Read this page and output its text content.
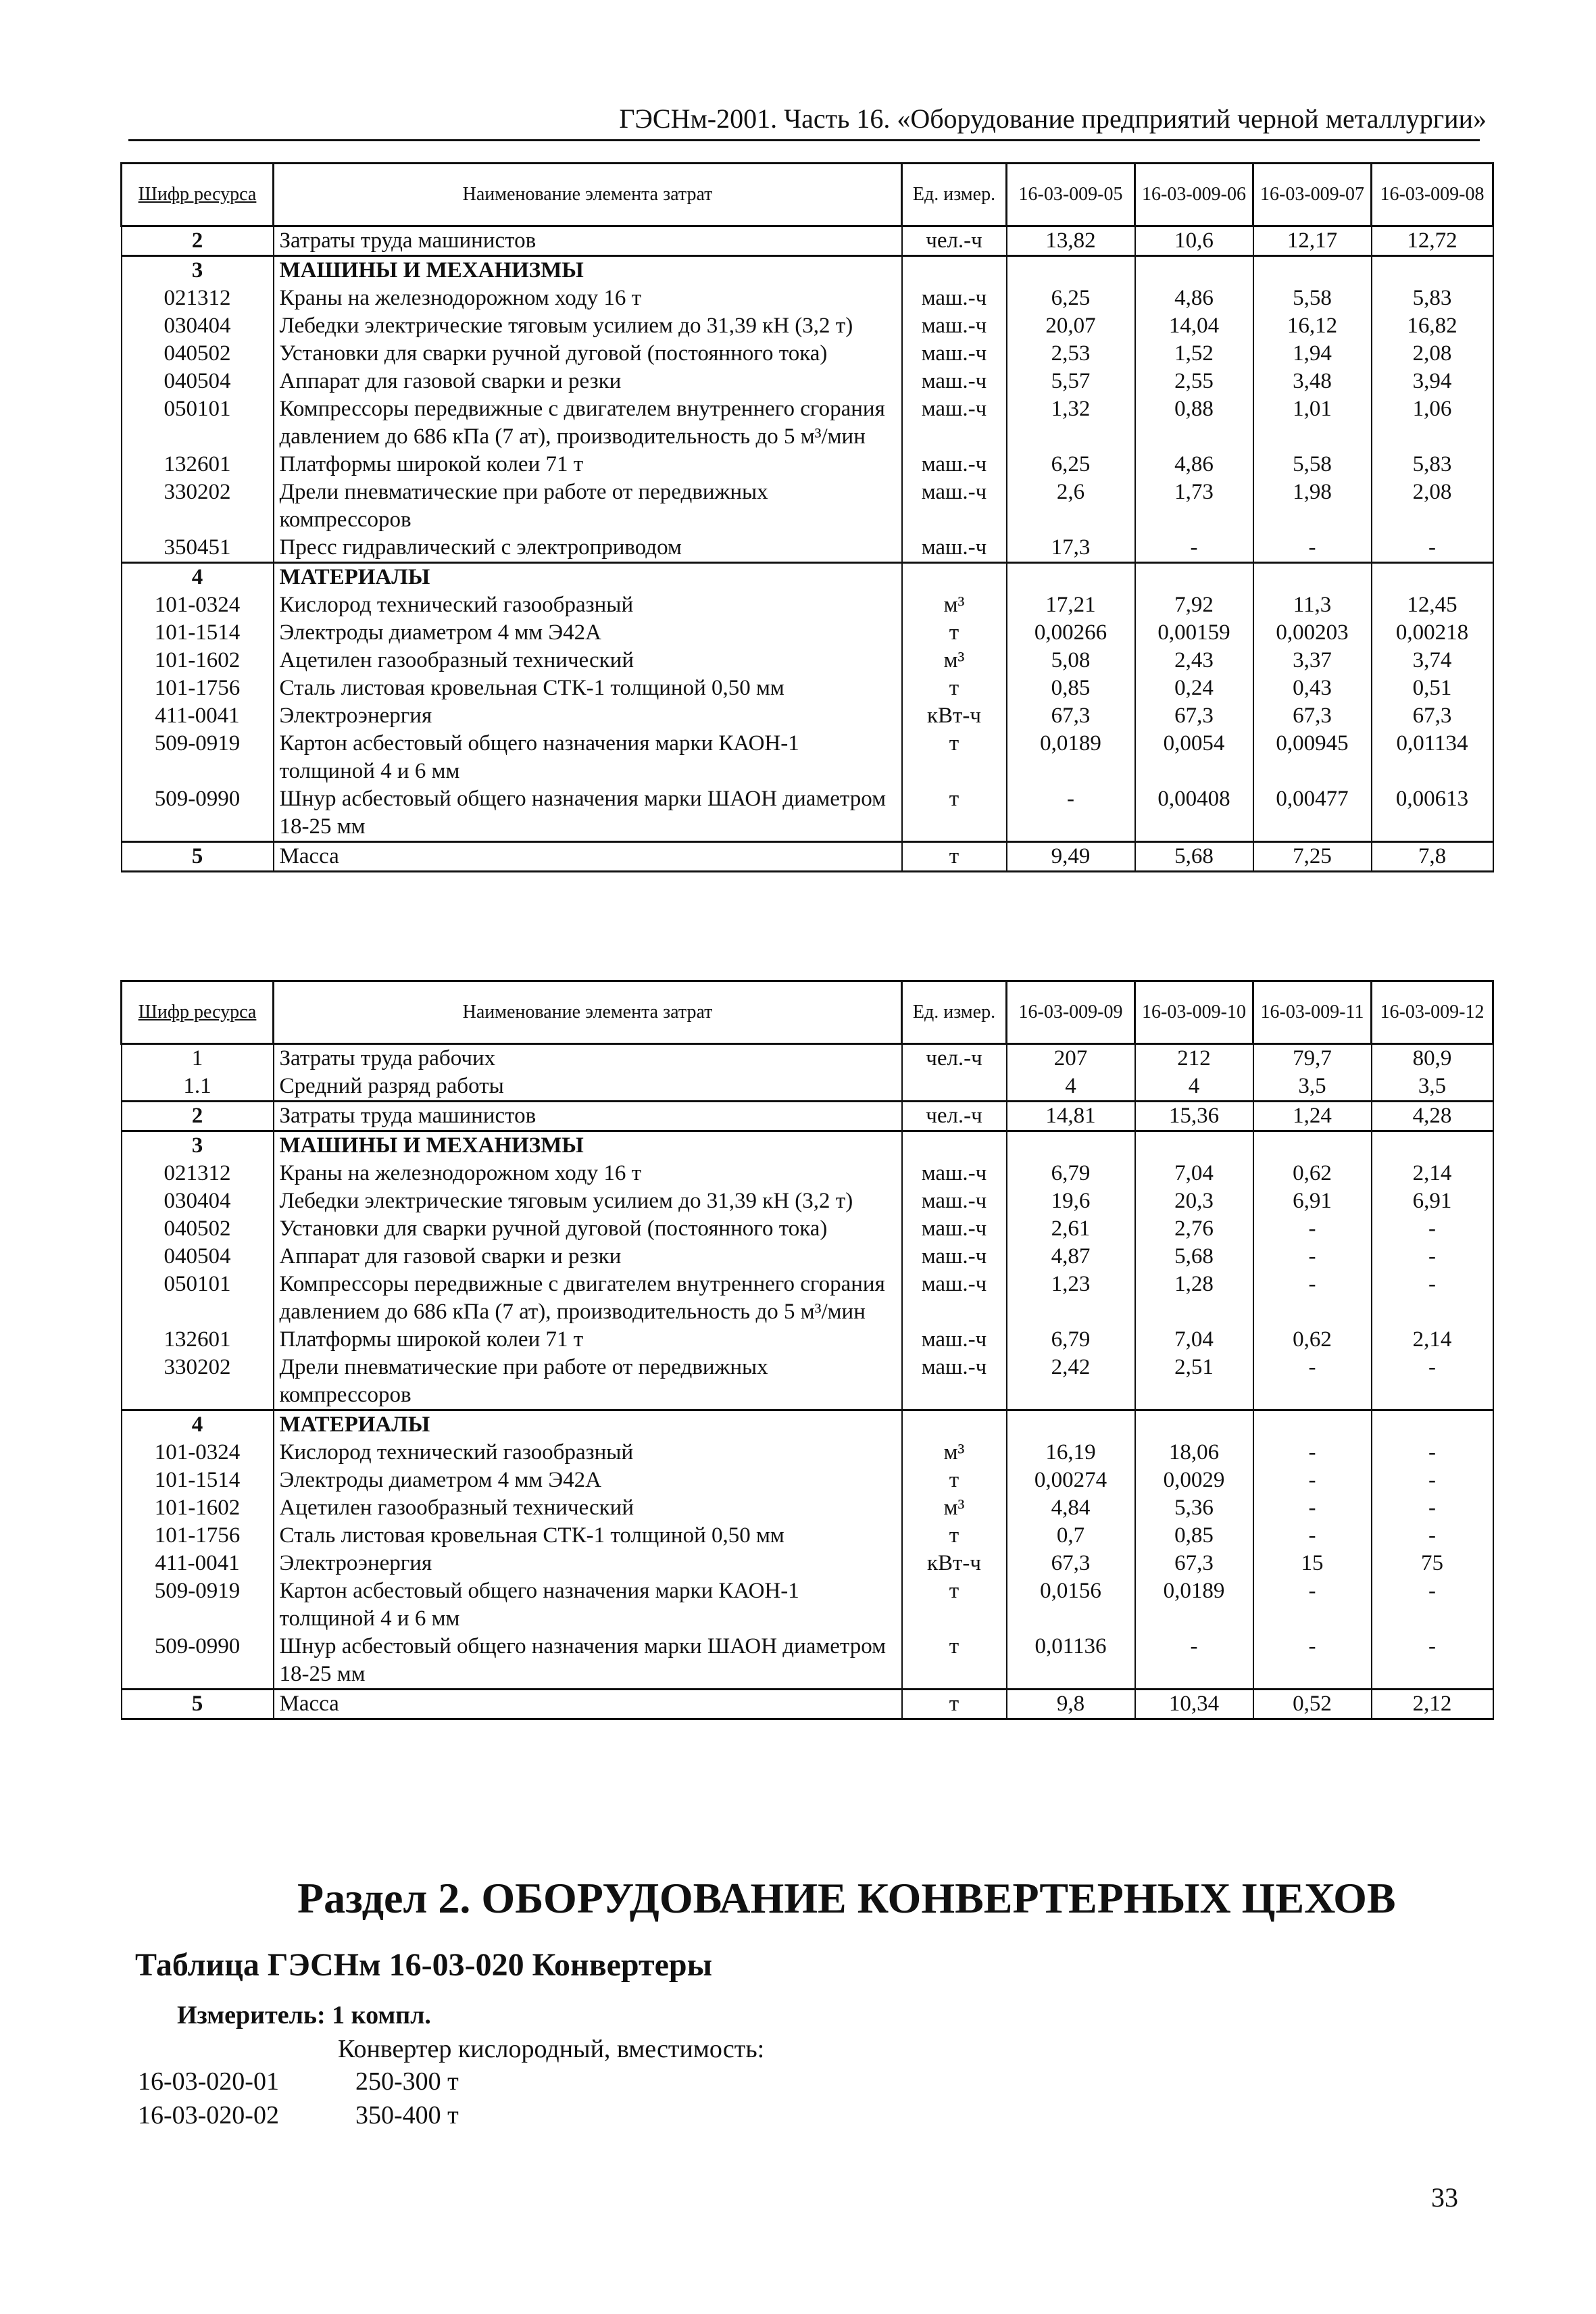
ГЭСНм-2001. Часть 16. «Оборудование предприятий черной металлургии»
Шифр ресурса	Наименование элемента затрат	Ед. измер.	16-03-009-05	16-03-009-06	16-03-009-07	16-03-009-08
2	Затраты труда машинистов	чел.-ч	13,82	10,6	12,17	12,72
3	МАШИНЫ И МЕХАНИЗМЫ					
021312	Краны на железнодорожном ходу 16 т	маш.-ч	6,25	4,86	5,58	5,83
030404	Лебедки электрические тяговым усилием до 31,39 кН (3,2 т)	маш.-ч	20,07	14,04	16,12	16,82
040502	Установки для сварки ручной дуговой (постоянного тока)	маш.-ч	2,53	1,52	1,94	2,08
040504	Аппарат для газовой сварки и резки	маш.-ч	5,57	2,55	3,48	3,94
050101	Компрессоры передвижные с двигателем внутреннего сгорания давлением до 686 кПа (7 ат), производительность до 5 м³/мин	маш.-ч	1,32	0,88	1,01	1,06
132601	Платформы широкой колеи 71 т	маш.-ч	6,25	4,86	5,58	5,83
330202	Дрели пневматические при работе от передвижных компрессоров	маш.-ч	2,6	1,73	1,98	2,08
350451	Пресс гидравлический с электроприводом	маш.-ч	17,3	-	-	-
4	МАТЕРИАЛЫ					
101-0324	Кислород технический газообразный	м³	17,21	7,92	11,3	12,45
101-1514	Электроды диаметром 4 мм Э42А	т	0,00266	0,00159	0,00203	0,00218
101-1602	Ацетилен газообразный технический	м³	5,08	2,43	3,37	3,74
101-1756	Сталь листовая кровельная СТК-1 толщиной 0,50 мм	т	0,85	0,24	0,43	0,51
411-0041	Электроэнергия	кВт-ч	67,3	67,3	67,3	67,3
509-0919	Картон асбестовый общего назначения марки КАОН-1 толщиной 4 и 6 мм	т	0,0189	0,0054	0,00945	0,01134
509-0990	Шнур асбестовый общего назначения марки ШАОН диаметром 18-25 мм	т	-	0,00408	0,00477	0,00613
5	Масса	т	9,49	5,68	7,25	7,8
Шифр ресурса	Наименование элемента затрат	Ед. измер.	16-03-009-09	16-03-009-10	16-03-009-11	16-03-009-12
1	Затраты труда рабочих	чел.-ч	207	212	79,7	80,9
1.1	Средний разряд работы		4	4	3,5	3,5
2	Затраты труда машинистов	чел.-ч	14,81	15,36	1,24	4,28
3	МАШИНЫ И МЕХАНИЗМЫ					
021312	Краны на железнодорожном ходу 16 т	маш.-ч	6,79	7,04	0,62	2,14
030404	Лебедки электрические тяговым усилием до 31,39 кН (3,2 т)	маш.-ч	19,6	20,3	6,91	6,91
040502	Установки для сварки ручной дуговой (постоянного тока)	маш.-ч	2,61	2,76	-	-
040504	Аппарат для газовой сварки и резки	маш.-ч	4,87	5,68	-	-
050101	Компрессоры передвижные с двигателем внутреннего сгорания давлением до 686 кПа (7 ат), производительность до 5 м³/мин	маш.-ч	1,23	1,28	-	-
132601	Платформы широкой колеи 71 т	маш.-ч	6,79	7,04	0,62	2,14
330202	Дрели пневматические при работе от передвижных компрессоров	маш.-ч	2,42	2,51	-	-
4	МАТЕРИАЛЫ					
101-0324	Кислород технический газообразный	м³	16,19	18,06	-	-
101-1514	Электроды диаметром 4 мм Э42А	т	0,00274	0,0029	-	-
101-1602	Ацетилен газообразный технический	м³	4,84	5,36	-	-
101-1756	Сталь листовая кровельная СТК-1 толщиной 0,50 мм	т	0,7	0,85	-	-
411-0041	Электроэнергия	кВт-ч	67,3	67,3	15	75
509-0919	Картон асбестовый общего назначения марки КАОН-1 толщиной 4 и 6 мм	т	0,0156	0,0189	-	-
509-0990	Шнур асбестовый общего назначения марки ШАОН диаметром 18-25 мм	т	0,01136	-	-	-
5	Масса	т	9,8	10,34	0,52	2,12
Раздел 2. ОБОРУДОВАНИЕ КОНВЕРТЕРНЫХ ЦЕХОВ
Таблица ГЭСНм 16-03-020 Конвертеры
Измеритель: 1 компл.
Конвертер кислородный, вместимость:
16-03-020-01	250-300 т
16-03-020-02	350-400 т
33
